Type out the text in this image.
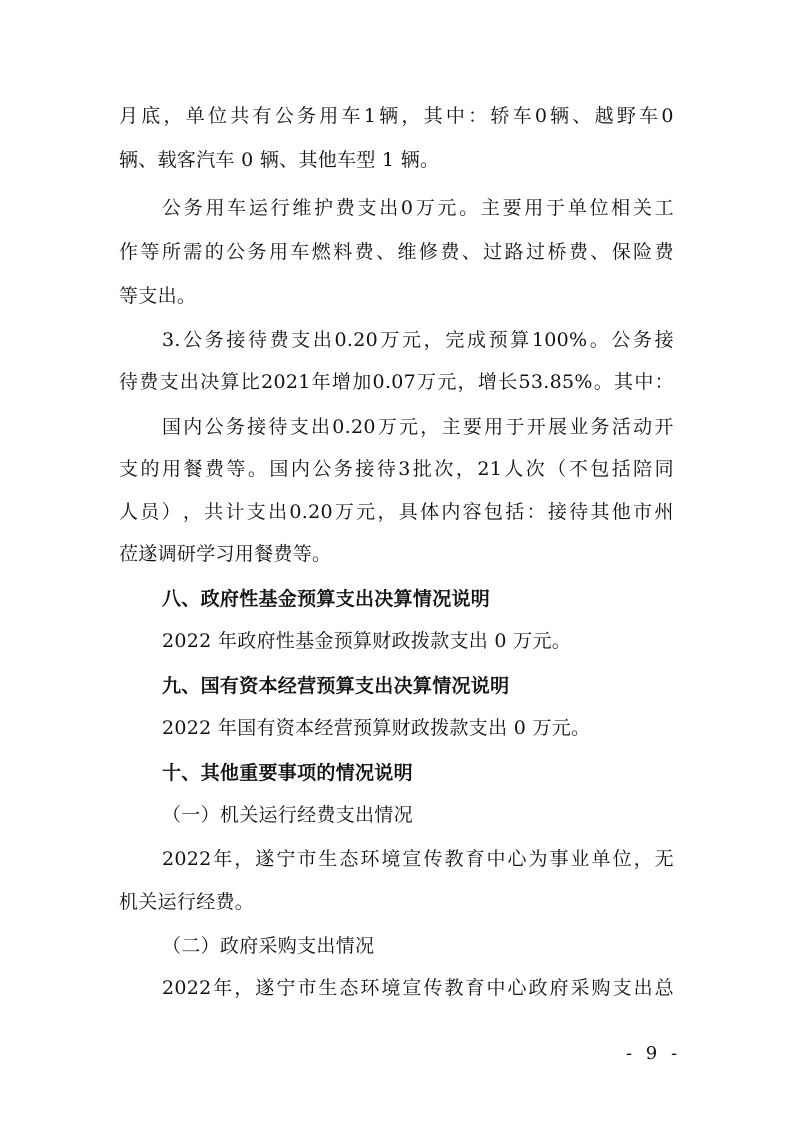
月 底 ， 单 位 共 有 公 务 用 车 1 辆 ， 其 中 ： 轿 车 0 辆 、 越 野 车 0
辆、载客汽车 0 辆、其他车型 1 辆。
公 务 用 车 运 行 维 护 费 支 出 0 万 元 。 主 要 用 于 单 位 相 关 工
作 等 所 需 的 公 务 用 车 燃 料 费 、 维 修 费 、 过 路 过 桥 费 、 保 险 费
等支出。
3. 公 务 接 待 费 支 出 0.20 万 元 ， 完 成 预 算 100% 。 公 务 接
待 费 支 出 决 算 比 2021 年 增 加 0.07 万 元 ， 增 长 53.85% 。 其 中 ：
国 内 公 务 接 待 支 出 0.20 万 元 ， 主 要 用 于 开 展 业 务 活 动 开
支 的 用 餐 费 等 。 国 内 公 务 接 待 3 批 次 ， 21 人 次 （ 不 包 括 陪 同
人 员 ） ， 共 计 支 出 0.20 万 元 ， 具 体 内 容 包 括 ： 接 待 其 他 市 州
莅遂调研学习用餐费等。
八、政府性基金预算支出决算情况说明
2022 年政府性基金预算财政拨款支出 0 万元。
九、国有资本经营预算支出决算情况说明
2022 年国有资本经营预算财政拨款支出 0 万元。
十、其他重要事项的情况说明
（一）机关运行经费支出情况
2022 年 ， 遂 宁 市 生 态 环 境 宣 传 教 育 中 心 为 事 业 单 位 ， 无
机关运行经费。
（二）政府采购支出情况
2022 年 ， 遂 宁 市 生 态 环 境 宣 传 教 育 中 心 政 府 采 购 支 出 总
- 9 -
